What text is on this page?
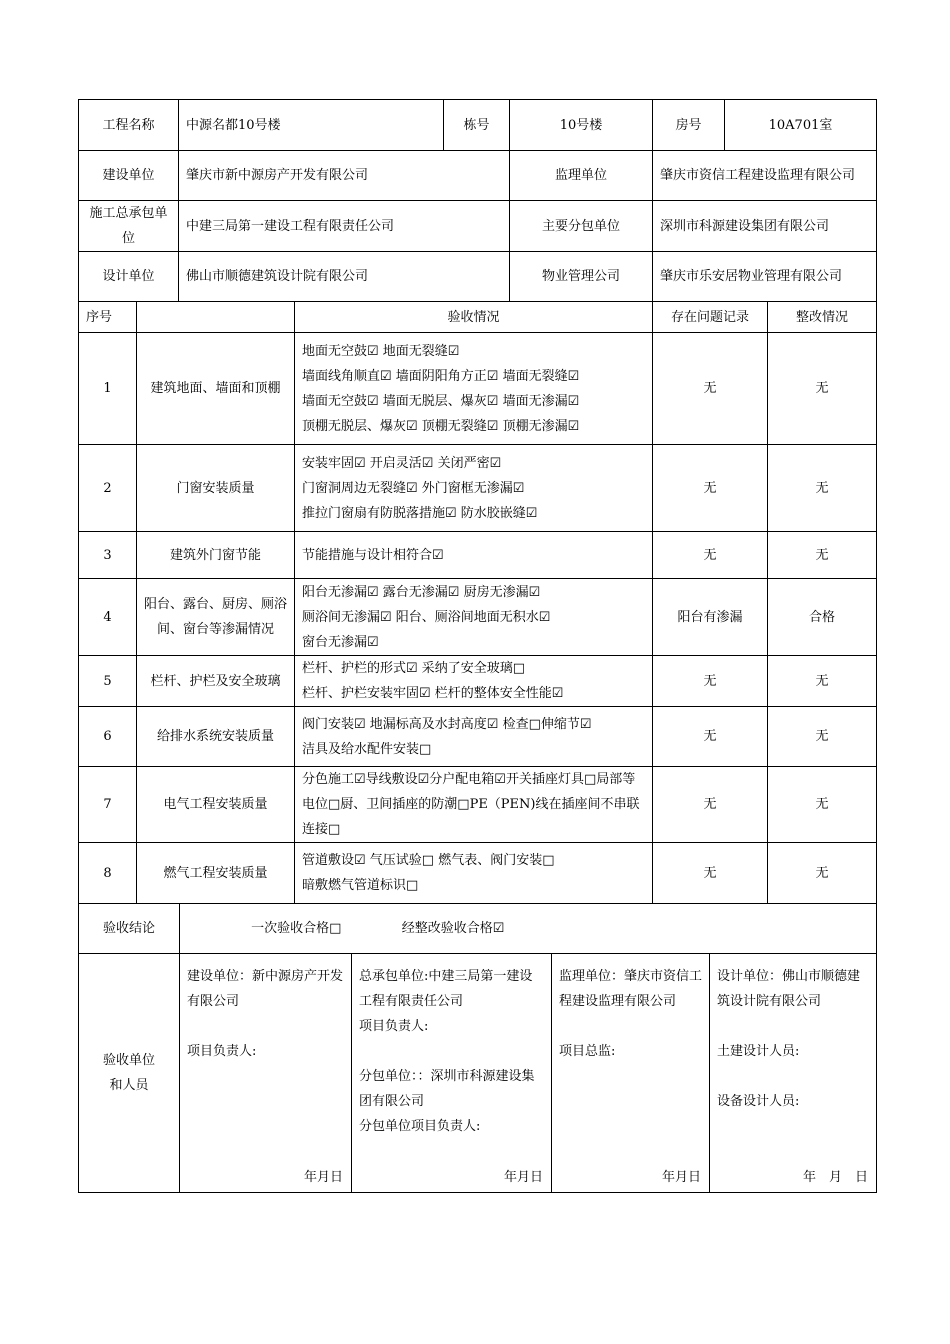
工程名称	中源名都10号楼	栋号	10号楼	房号	10A701室
建设单位	肇庆市新中源房产开发有限公司		监理单位	肇庆市资信工程建设监理有限公司	
施工总承包单位	中建三局第一建设工程有限责任公司		主要分包单位	深圳市科源建设集团有限公司	
设计单位	佛山市顺德建筑设计院有限公司		物业管理公司	肇庆市乐安居物业管理有限公司	
序号		验收情况	存在问题记录	整改情况
1	建筑地面、墙面和顶棚	地面无空鼓☑ 地面无裂缝☑
墙面线角顺直☑ 墙面阴阳角方正☑ 墙面无裂缝☑
墙面无空鼓☑ 墙面无脱层、爆灰☑ 墙面无渗漏☑
顶棚无脱层、爆灰☑ 顶棚无裂缝☑ 顶棚无渗漏☑	无	无
2	门窗安装质量	安装牢固☑ 开启灵活☑ 关闭严密☑
门窗洞周边无裂缝☑ 外门窗框无渗漏☑
推拉门窗扇有防脱落措施☑ 防水胶嵌缝☑	无	无
3	建筑外门窗节能	节能措施与设计相符合☑	无	无
4	阳台、露台、厨房、厕浴间、窗台等渗漏情况	阳台无渗漏☑ 露台无渗漏☑ 厨房无渗漏☑
厕浴间无渗漏☑ 阳台、厕浴间地面无积水☑
窗台无渗漏☑	阳台有渗漏	合格
5	栏杆、护栏及安全玻璃	栏杆、护栏的形式☑ 采纳了安全玻璃□
栏杆、护栏安装牢固☑ 栏杆的整体安全性能☑	无	无
6	给排水系统安装质量	阀门安装☑ 地漏标高及水封高度☑ 检查□伸缩节☑
洁具及给水配件安装□	无	无
7	电气工程安装质量	分色施工☑导线敷设☑分户配电箱☑开关插座灯具□局部等电位□厨、卫间插座的防潮□PE（PEN)线在插座间不串联连接□	无	无
8	燃气工程安装质量	管道敷设☑ 气压试验□ 燃气表、阀门安装□
暗敷燃气管道标识□	无	无
验收结论	一次验收合格□ 经整改验收合格☑			
验收单位和人员	建设单位：新中源房产开发有限公司
项目负责人:
年月日	总承包单位:中建三局第一建设工程有限责任公司
项目负责人:
分包单位：：深圳市科源建设集团有限公司
分包单位项目负责人:
年月日	监理单位：肇庆市资信工程建设监理有限公司
项目总监:
年月日	设计单位：佛山市顺德建筑设计院有限公司
土建设计人员:
设备设计人员:
年　月　日
